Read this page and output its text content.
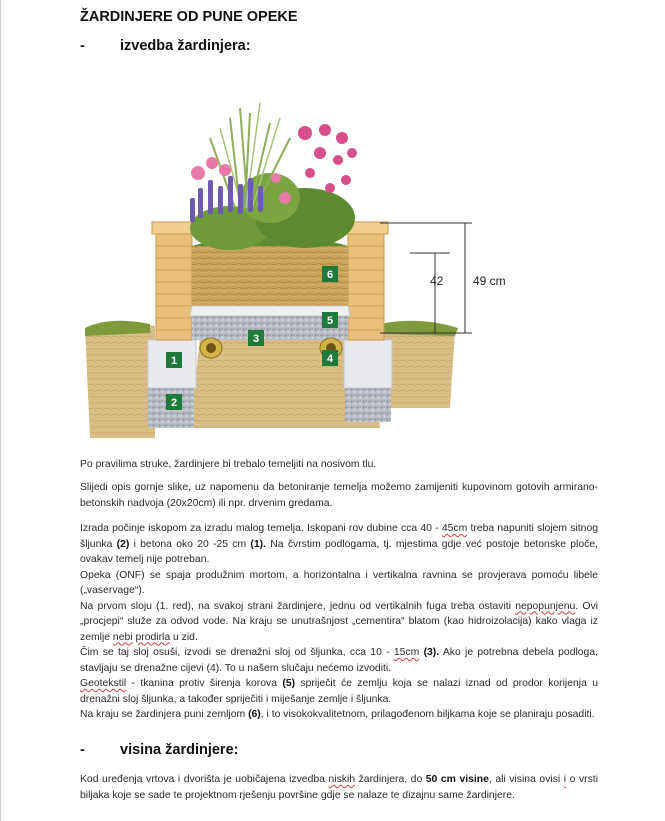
ŽARDINJERE OD PUNE OPEKE
- izvedba žardinjera:
42 49 cm
1
2
3
4
5
6
Po pravilima struke, žardinjere bi trebalo temeljiti na nosivom tlu.
Slijedi opis gornje slike, uz napomenu da betoniranje temelja možemo zamijeniti kupovinom gotovih armirano-betonskih nadvoja (20x20cm) ili npr. drvenim gredama.
Izrada počinje iskopom za izradu malog temelja. Iskopani rov dubine cca 40 - 45cm treba napuniti slojem sitnog šljunka (2) i betona oko 20 -25 cm (1). Na čvrstim podlogama, tj. mjestima gdje već postoje betonske ploče, ovakav temelj nije potreban.
Opeka (ONF) se spaja produžnim mortom, a horizontalna i vertikalna ravnina se provjerava pomoću libele („vaservage“).
Na prvom sloju (1. red), na svakoj strani žardinjere, jednu od vertikalnih fuga treba ostaviti nepopunjenu. Ovi „procjepi“ služe za odvod vode. Na kraju se unutrašnjost „cementira“ blatom (kao hidroizolacija) kako vlaga iz zemlje nebi prodirla u zid.
Čim se taj sloj osuši, izvodi se drenažni sloj od šljunka, cca 10 - 15cm (3). Ako je potrebna debela podloga, stavljaju se drenažne cijevi (4). To u našem slučaju nećemo izvoditi.
Geotekstil - tkanina protiv širenja korova (5) spriječit će zemlju koja se nalazi iznad od prodor korijenja u drenažni sloj šljunka, a također spriječiti i miješanje zemlje i šljunka.
Na kraju se žardinjera puni zemljom (6), i to visokokvalitetnom, prilagođenom biljkama koje se planiraju posaditi.
- visina žardinjere:
Kod uređenja vrtova i dvorišta je uobičajena izvedba niskih žardinjera, do 50 cm visine, ali visina ovisi i o vrsti biljaka koje se sade te projektnom rješenju površine gdje se nalaze te dizajnu same žardinjere.
